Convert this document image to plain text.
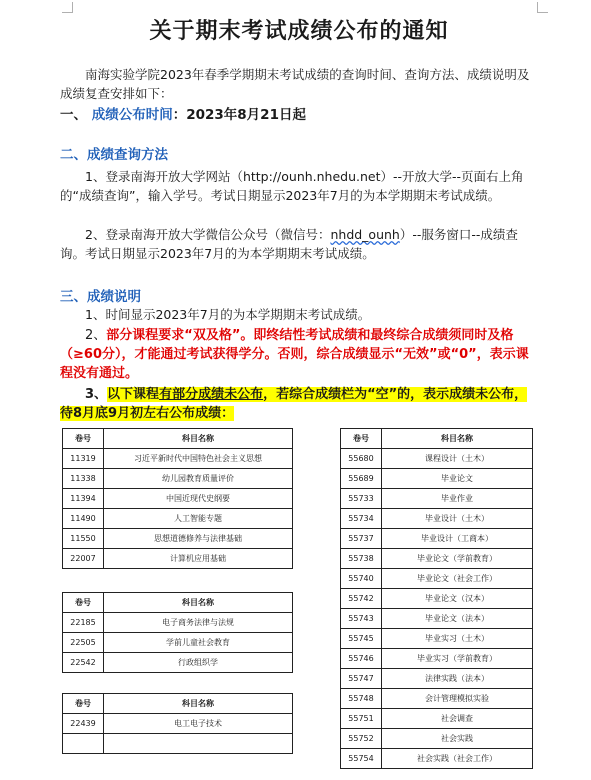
关于期末考试成绩公布的通知
南海实验学院2023年春季学期期末考试成绩的查询时间、查询方法、成绩说明及成绩复查安排如下：
一、 成绩公布时间：2023年8月21日起
二、成绩查询方法
1、登录南海开放大学网站（http://ounh.nhedu.net）--开放大学--页面右上角的“成绩查询”，输入学号。考试日期显示2023年7月的为本学期期末考试成绩。
2、登录南海开放大学微信公众号（微信号：nhdd_ounh）--服务窗口--成绩查询。考试日期显示2023年7月的为本学期期末考试成绩。
三、成绩说明
1、时间显示2023年7月的为本学期期末考试成绩。
2、部分课程要求“双及格”。即终结性考试成绩和最终综合成绩须同时及格（≥60分），才能通过考试获得学分。否则，综合成绩显示“无效”或“0”，表示课程没有通过。
3、以下课程有部分成绩未公布，若综合成绩栏为“空”的，表示成绩未公布，待8月底9月初左右公布成绩：
卷号	科目名称
11319	习近平新时代中国特色社会主义思想
11338	幼儿园教育质量评价
11394	中国近现代史纲要
11490	人工智能专题
11550	思想道德修养与法律基础
22007	计算机应用基础
卷号	科目名称
22185	电子商务法律与法规
22505	学前儿童社会教育
22542	行政组织学
卷号	科目名称
22439	电工电子技术

卷号	科目名称
55680	课程设计（土木）
55689	毕业论文
55733	毕业作业
55734	毕业设计（土木）
55737	毕业设计（工商本）
55738	毕业论文（学前教育）
55740	毕业论文（社会工作）
55742	毕业论文（汉本）
55743	毕业论文（法本）
55745	毕业实习（土木）
55746	毕业实习（学前教育）
55747	法律实践（法本）
55748	会计管理模拟实验
55751	社会调查
55752	社会实践
55754	社会实践（社会工作）
